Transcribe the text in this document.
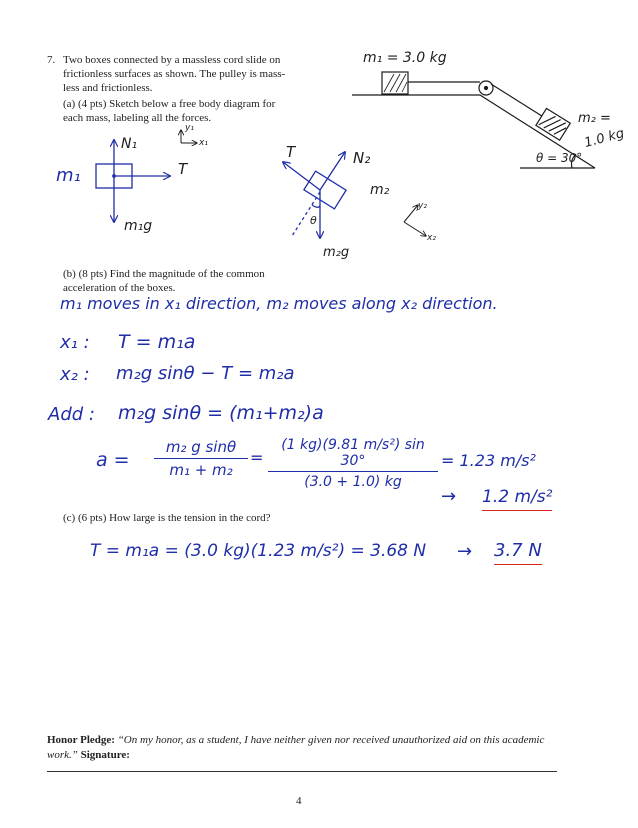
7. Two boxes connected by a massless cord slide on
frictionless surfaces as shown. The pulley is mass-
less and frictionless.
(a) (4 pts) Sketch below a free body diagram for
each mass, labeling all the forces.
m₁ = 3.0 kg
m₂ =
1.0 kg
θ = 30°
y₁
x₁
m₁
N₁
T
m₁g
T	N₂
m₂
θ
m₂g
y₂
x₂
(b) (8 pts) Find the magnitude of the common
acceleration of the boxes.
m₁ moves in x₁ direction, m₂ moves along x₂ direction.
x₁ : T = m₁a
x₂ : m₂g sinθ − T = m₂a
Add : m₂g sinθ = (m₁+m₂)a
$a = \frac{\text{m₂ g sinθ}}{\text{m₁ + m₂}} = \frac{\text{(1 kg)(9.81 m/s²) sin 30°}}{(3.0 + 1.0) kg} = 1.23$ m/s²
→ 1.2 m/s²
(c) (6 pts) How large is the tension in the cord?
T = m₁a = (3.0 kg)(1.23 m/s²) = 3.68 N → 3.7 N
Honor Pledge: “On my honor, as a student, I have neither given nor received unauthorized aid on this academic work.” Signature:
4
